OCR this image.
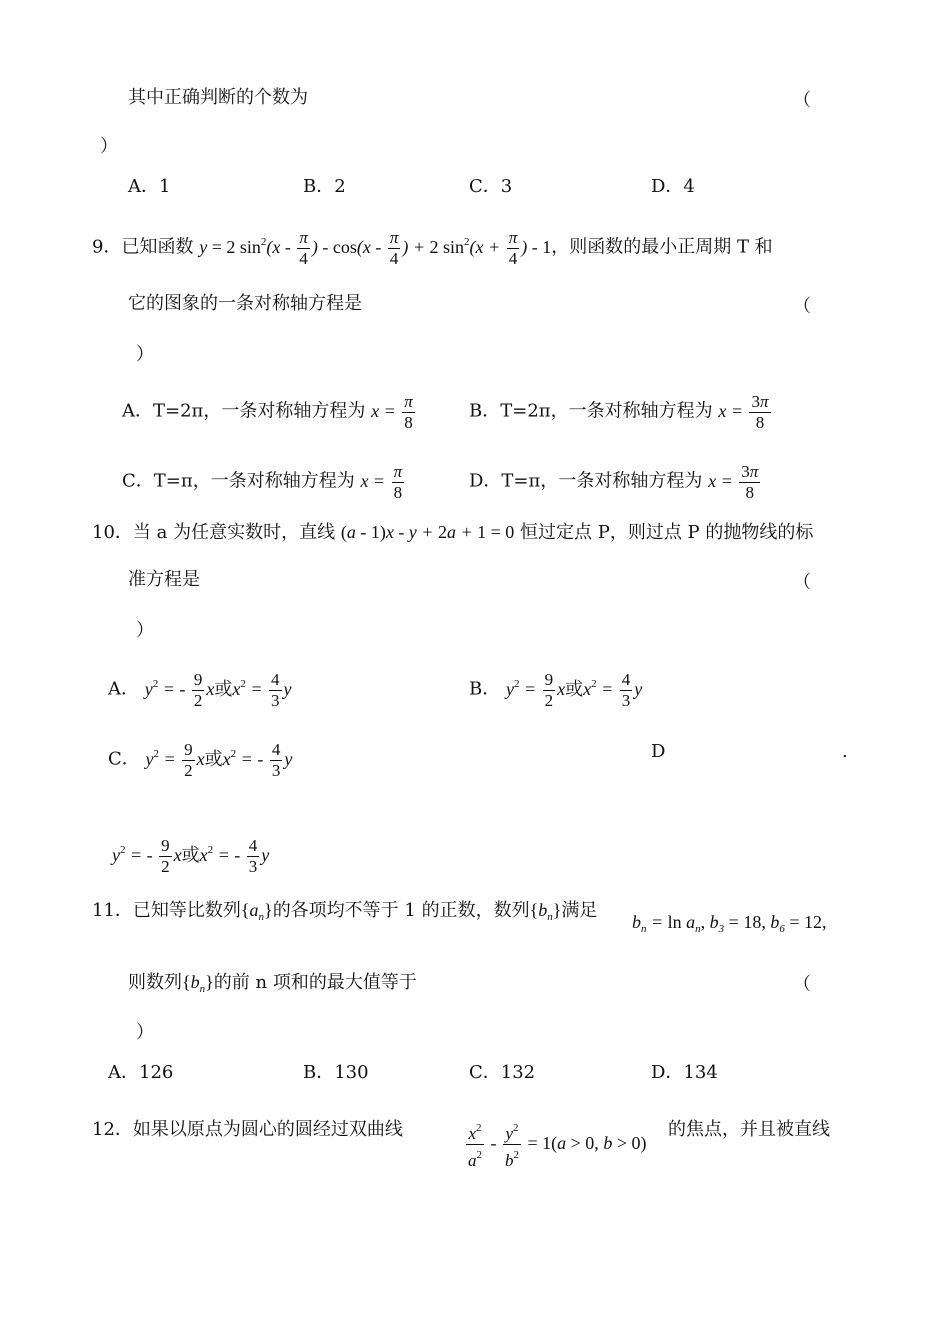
其中正确判断的个数为	（
）
A．1	B．2	C．3	D．4
9．已知函数 y = 2 $\sin^2(x - \frac{\pi}{4}$ ) - $\cos(x - \frac{\pi}{4}$ ) + 2 $\sin^2(x + \frac{\pi}{4}$ ) - 1，则函数的最小正周期 T 和
它的图象的一条对称轴方程是	（
）
A．T=2π，一条对称轴方程为 $x = \frac{\pi}{8}$	B．T=2π，一条对称轴方程为 $x = \frac{3\pi}{8}$
C．T=π，一条对称轴方程为 $x = \frac{\pi}{8}$	D．T=π，一条对称轴方程为 $x = \frac{3\pi}{8}$
10．当 a 为任意实数时，直线 (a - 1)x - y + 2a + 1 = 0 恒过定点 P，则过点 P 的抛物线的标
准方程是	（
）
A． $y^2$ = - $\frac{9}{2}$ x或$x^2 = \frac{4}{3}$ y	B． $y^2 = \frac{9}{2}$ x或$x^2 = \frac{4}{3}$ y
C． $y^2 = \frac{9}{2}$ x或$x^2$ = - $\frac{4}{3}$ y	D	.
$y^2$ = - $\frac{9}{2}$ x或$x^2$ = - $\frac{4}{3}$ y
11．已知等比数列$\{a_n\}$的各项均不等于 1 的正数，数列$\{b_n\}$满足
$b_n = \ln a_n$, $b_3 = 18$, $b_6 = 12$,
则数列$\{b_n\}$的前 n 项和的最大值等于	（
）
A．126	B．130	C．132	D．134
12．如果以原点为圆心的圆经过双曲线	$\frac{x^2}{a^2} - \frac{y^2}{b^2} = 1(a > 0$, b > 0)
的焦点，并且被直线
